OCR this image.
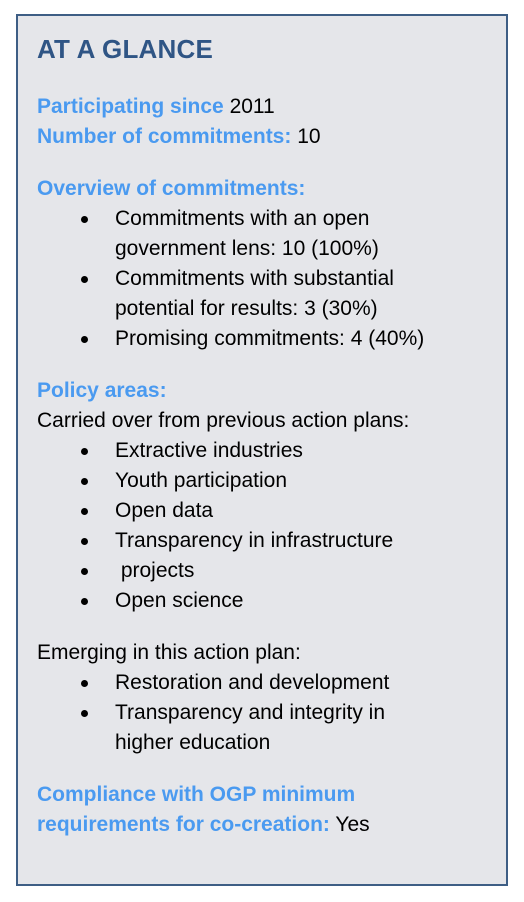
AT A GLANCE
Participating since 2011
Number of commitments: 10
Overview of commitments:
Commitments with an open
government lens: 10 (100%)
Commitments with substantial
potential for results: 3 (30%)
Promising commitments: 4 (40%)
Policy areas:
Carried over from previous action plans:
Extractive industries
Youth participation
Open data
Transparency in infrastructure
projects
Open science
Emerging in this action plan:
Restoration and development
Transparency and integrity in
higher education
Compliance with OGP minimum
requirements for co-creation: Yes
